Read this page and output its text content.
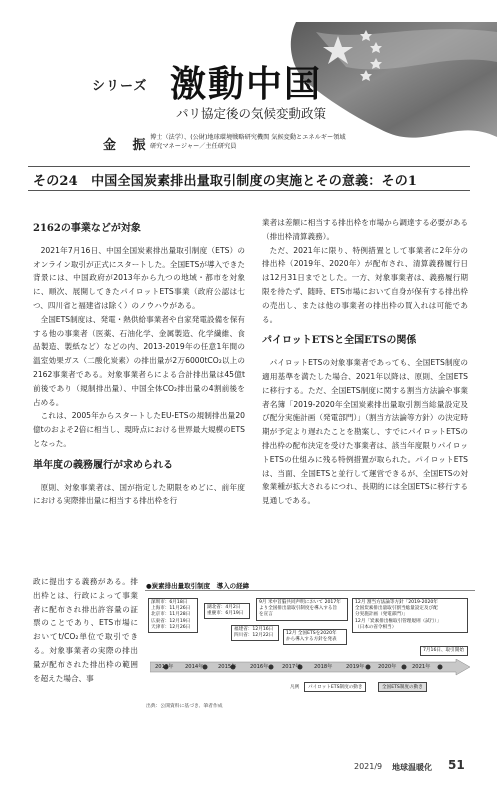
シリーズ 激動中国
パリ協定後の気候変動政策
金 振
博士（法学）、(公財)地球環境戦略研究機関 気候変動とエネルギー領域
研究マネージャー／主任研究員
その24　中国全国炭素排出量取引制度の実施とその意義：その1
2162の事業などが対象

2021年7月16日、中国全国炭素排出量取引制度（ETS）のオンライン取引が正式にスタートした。全国ETSが導入できた背景には、中国政府が2013年から九つの地域・都市を対象に、順次、展開してきたパイロットETS事業（政府公認は七つ、四川省と福建省は除く）のノウハウがある。

全国ETS制度は、発電・熱供給事業者や自家発電設備を保有する他の事業者（医薬、石油化学、金属製造、化学繊維、食品製造、製紙など）などの内、2013-2019年の任意1年間の温室効果ガス（二酸化炭素）の排出量が2万6000tCO₂以上の2162事業者である。対象事業者らによる合計排出量は45億t前後であり（規制排出量）、中国全体CO₂排出量の4割前後を占める。

これは、2005年からスタートしたEU-ETSの規制排出量20億tのおよそ2倍に相当し、現時点における世界最大規模のETSとなった。

単年度の義務履行が求められる

原則、対象事業者は、国が指定した期限をめどに、前年度における実際排出量に相当する排出枠を行

政に提出する義務がある。排出枠とは、行政によって事業者に配布され排出許容量の証票のことであり、ETS市場においてt/CO₂単位で取引できる。対象事業者の実際の排出量が配布された排出枠の範囲を超えた場合、事

業者は差額に相当する排出枠を市場から調達する必要がある（排出枠清算義務）。

ただ、2021年に限り、特例措置として事業者に2年分の排出枠（2019年、2020年）が配布され、清算義務履行日は12月31日までとした。一方、対象事業者は、義務履行期限を待たず、随時、ETS市場において自身が保有する排出枠の売出し、または他の事業者の排出枠の買入れは可能である。

パイロットETSと全国ETSの関係

パイロットETSの対象事業者であっても、全国ETS制度の適用基準を満たした場合、2021年以降は、原則、全国ETSに移行する。ただ、全国ETS制度に関する割当方法論や事業者名簿「2019-2020年全国炭素排出量取引割当総量設定及び配分実施計画（発電部門）」（割当方法論等方針）の決定時期が予定より遅れたことを勘案し、すでにパイロットETSの排出枠の配布決定を受けた事業者は、該当年度限りパイロットETSの仕組みに残る特例措置が取られた。パイロットETSは、当面、全国ETSと並行して運営できるが、全国ETSの対象業種が拡大されるにつれ、長期的には全国ETSに移行する見通しである。

●炭素排出量取引制度　導入の経緯
深圳市：6月18日
上海市：11月26日
北京市：11月28日
広東省：12月19日
天津市：12月26日
湖北省：4月2日
重慶市：6月19日
福建省：12月16日
四川省：12月22日
9月 米中首脳共同声明において 2017年
より全国排出量取引制度を導入する旨
を宣言
12月 全国ETSを2020年
から導入する方針を発表
12月 割当方法論等方針「2019-2020年
全国炭素排出量取引割当総量設定及び配
分実施計画（発電部門）」
12月「炭素排出権取引管理規則（試行）」
（日本の省令相当）
7月16日、取引開始
2013年 2014年	2015年	2016年	2017年	2018年	2019年	2020年	2021年
凡例	パイロットETS制度の動き	全国ETS制度の動き
出典：公開資料に基づき、筆者作成
2021/9 地球温暖化 51
